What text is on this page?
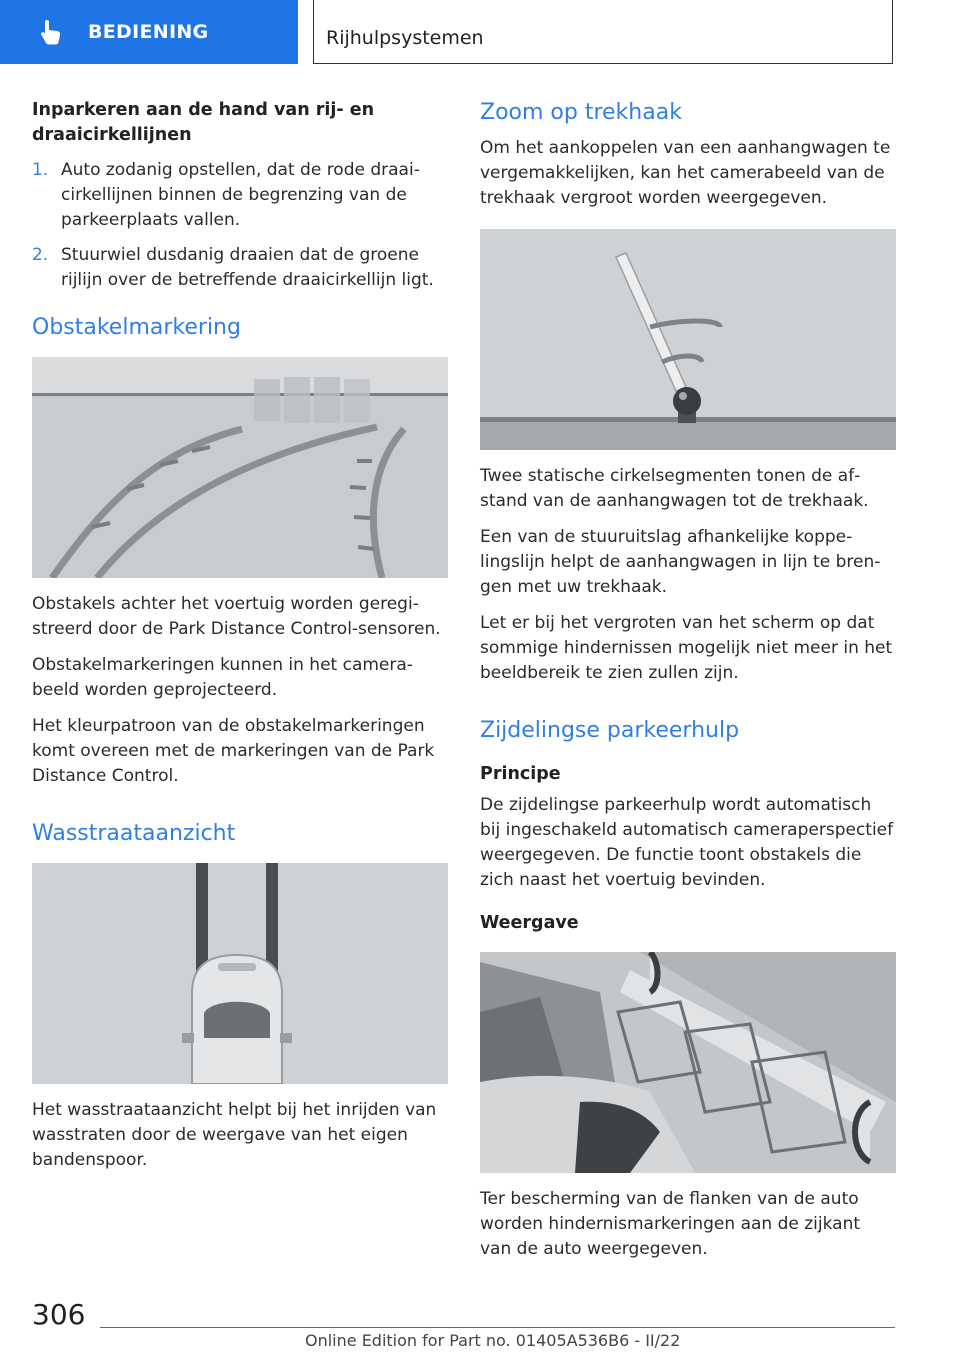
BEDIENING	Rijhulpsystemen
Inparkeren aan de hand van rij- en draaicirkellijnen
1. Auto zodanig opstellen, dat de rode draaicirkellijnen binnen de begrenzing van de parkeerplaats vallen.
2. Stuurwiel dusdanig draaien dat de groene rijlijn over de betreffende draaicirkellijn ligt.
Obstakelmarkering

Obstakels achter het voertuig worden geregistreerd door de Park Distance Control-sensoren.

Obstakelmarkeringen kunnen in het camerabeeld worden geprojecteerd.

Het kleurpatroon van de obstakelmarkeringen komt overeen met de markeringen van de Park Distance Control.

Wasstraataanzicht

Het wasstraataanzicht helpt bij het inrijden van wasstraten door de weergave van het eigen bandenspoor.

Zoom op trekhaak

Om het aankoppelen van een aanhangwagen te vergemakkelijken, kan het camerabeeld van de trekhaak vergroot worden weergegeven.

Twee statische cirkelsegmenten tonen de afstand van de aanhangwagen tot de trekhaak.

Een van de stuuruitslag afhankelijke koppelingslijn helpt de aanhangwagen in lijn te brengen met uw trekhaak.

Let er bij het vergroten van het scherm op dat sommige hindernissen mogelijk niet meer in het beeldbereik te zien zullen zijn.

Zijdelingse parkeerhulp
Principe

De zijdelingse parkeerhulp wordt automatisch bij ingeschakeld automatisch cameraperspectief weergegeven. De functie toont obstakels die zich naast het voertuig bevinden.

Weergave

Ter bescherming van de flanken van de auto worden hindernismarkeringen aan de zijkant van de auto weergegeven.

306
Online Edition for Part no. 01405A536B6 - II/22
